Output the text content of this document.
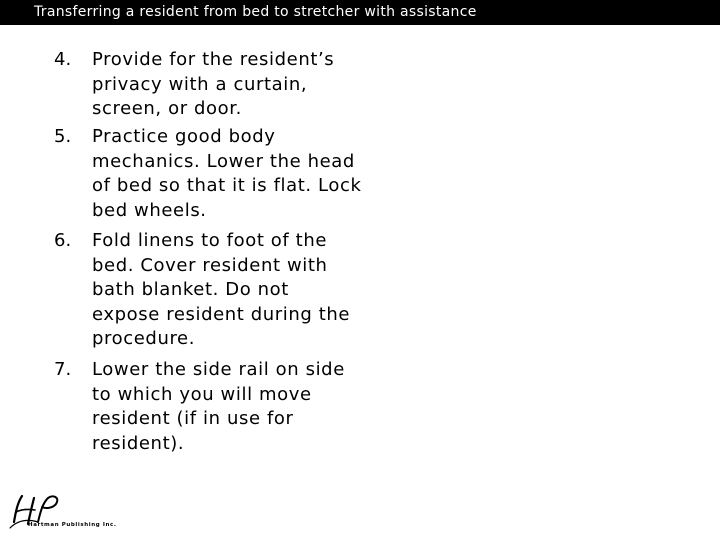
Transferring a resident from bed to stretcher with assistance
4. Provide for the resident’s privacy with a curtain, screen, or door.
5. Practice good body mechanics. Lower the head of bed so that it is flat. Lock bed wheels.
6. Fold linens to foot of the bed. Cover resident with bath blanket. Do not expose resident during the procedure.
7. Lower the side rail on side to which you will move resident (if in use for resident).
Hartman Publishing Inc.
